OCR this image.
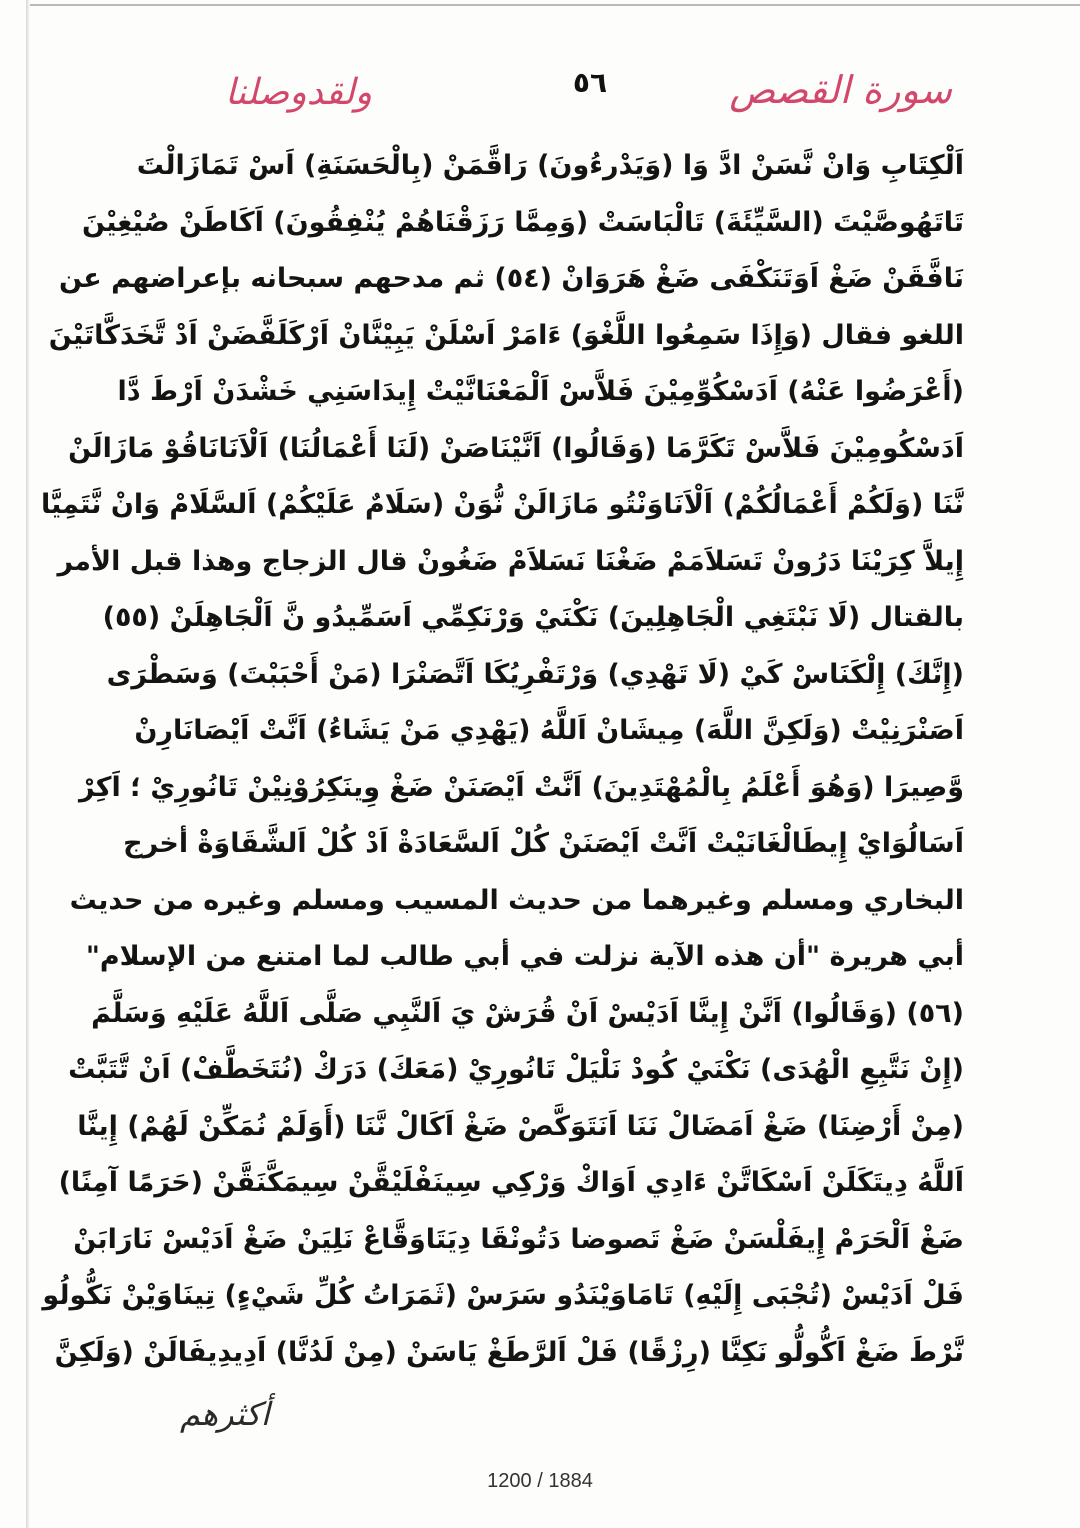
ولقدوصلنا	٥٦	سورة القصص
اَلْكِتَابِ وَانْ نَّسَنْ ادَّ وَا (وَيَدْرءُونَ) رَاقَّمَنْ (بِالْحَسَنَةِ) اَسْ تَمَازَالْتَ
تَاتَهُوصَّيْتَ (السَّيِّئَةَ) تَالْبَاسَتْ (وَمِمَّا رَزَقْنَاهُمْ يُنْفِقُونَ) اَكَاطَنْ صُيْغِيْنَ
نَافَّقَنْ ضَغْ اَوَتَنَكْفَى ضَغْ هَرَوَانْ (٥٤) ثم مدحهم سبحانه بإعراضهم عن
اللغو فقال (وَإِذَا سَمِعُوا اللَّغْوَ) ءَامَرْ اَسْلَنْ يَبِيْنَّانْ اَرْكَلَفَّضَنْ اَدْ تَّخَدَكَّاتَيْنَ
(أَعْرَضُوا عَنْهُ) اَدَسْكُوِّمِيْنَ فَلاَّسْ اَلْمَعْنَانَّيْتْ إِيدَاسَنِي خَشْدَنْ اَرْطَ دَّا
اَدَسْكُومِيْنَ فَلاَّسْ تَكَرَّمَا (وَقَالُوا) اَنَّيْنَاصَنْ (لَنَا أَعْمَالُنَا) اَلْاَنَانَاقُوْ مَازَالَنْ
نَّنَا (وَلَكُمْ أَعْمَالُكُمْ) اَلْاَنَاوَنْتُو مَازَالَنْ نُّوَنْ (سَلَامٌ عَلَيْكُمْ) اَلسَّلَامْ وَانْ نَّتَمِيَّا
إِيلاَّ كِرَيْنَا دَرُونْ تَسَلاَمَمْ ضَغْنَا نَسَلاَمْ ضَغُونْ قال الزجاج وهذا قبل الأمر
بالقتال (لَا نَبْتَغِي الْجَاهِلِينَ) نَكْنَيْ وَرْنَكِمِّي اَسَمِّيدُو نَّ اَلْجَاهِلَنْ (٥٥)
(إِنَّكَ) إِلْكَنَاسْ كَيْ (لَا تَهْدِي) وَرْتَفْرِيُكَا اَتَّصَنْرَا (مَنْ أَحْبَبْتَ) وَسَطْرَى
اَصَنْرَنِيْتْ (وَلَكِنَّ اللَّهَ) مِيشَانْ اَللَّهُ (يَهْدِي مَنْ يَشَاءُ) اَنَّتْ اَيْصَانَارِنْ
وَّصِيرَا (وَهُوَ أَعْلَمُ بِالْمُهْتَدِينَ) اَنَّتْ اَيْصَنَنْ ضَغْ وِينَكِرُوْنِيْنْ تَانُورِيْ ؛ اَكِرْ
اَسَالُوَايْ إِيطَالْغَانَيْتْ اَنَّتْ اَيْصَنَنْ كُلْ اَلسَّعَادَةْ اَدْ كُلْ اَلشَّقَاوَةْ أخرج
البخاري ومسلم وغيرهما من حديث المسيب ومسلم وغيره من حديث
أبي هريرة "أن هذه الآية نزلت في أبي طالب لما امتنع من الإسلام"
(٥٦) (وَقَالُوا) اَنَّنْ إِينَّا اَدَيْسْ اَنْ قُرَشْ يَ اَلنَّبِي صَلَّى اَللَّهُ عَلَيْهِ وَسَلَّمَ
(إِنْ نَتَّبِعِ الْهُدَى) نَكْنَيْ كُودْ نَلْيَلْ تَانُورِيْ (مَعَكَ) دَرَكْ (نُتَخَطَّفْ) اَنْ تَّتَبَّتْ
(مِنْ أَرْضِنَا) ضَغْ اَمَضَالْ نَنَا اَنَتَوَكَّصْ ضَغْ اَكَالْ نَّنَا (أَوَلَمْ نُمَكِّنْ لَهُمْ) إِينَّا
اَللَّهُ دِيتَكَلَنْ اَسْكَاتَّنْ ءَادِي اَوَاكْ وَرْكِي سِينَفْلَيْقَّنْ سِيمَكَّنَقَّنْ (حَرَمًا آمِنًا)
ضَغْ اَلْحَرَمْ إِيفَلْسَنْ ضَغْ تَصوضا دَتُونْقَا دِيَتَاوَقَّاعْ نَلِيَنْ ضَغْ اَدَيْسْ نَارَابَنْ
فَلْ اَدَيْسْ (تُجْبَى إِلَيْهِ) تَامَاوَيْنَدُو سَرَسْ (ثَمَرَاتُ كُلِّ شَيْءٍ) تِينَاوَيْنْ نَكُّولُو
نَّرْطَ ضَغْ اَكُّولُّو نَكِنَّا (رِزْقًا) فَلْ اَلرَّطَغْ يَاسَنْ (مِنْ لَدُنَّا) اَدِيدِيفَالَنْ (وَلَكِنَّ
أكثرهم
1200 / 1884
